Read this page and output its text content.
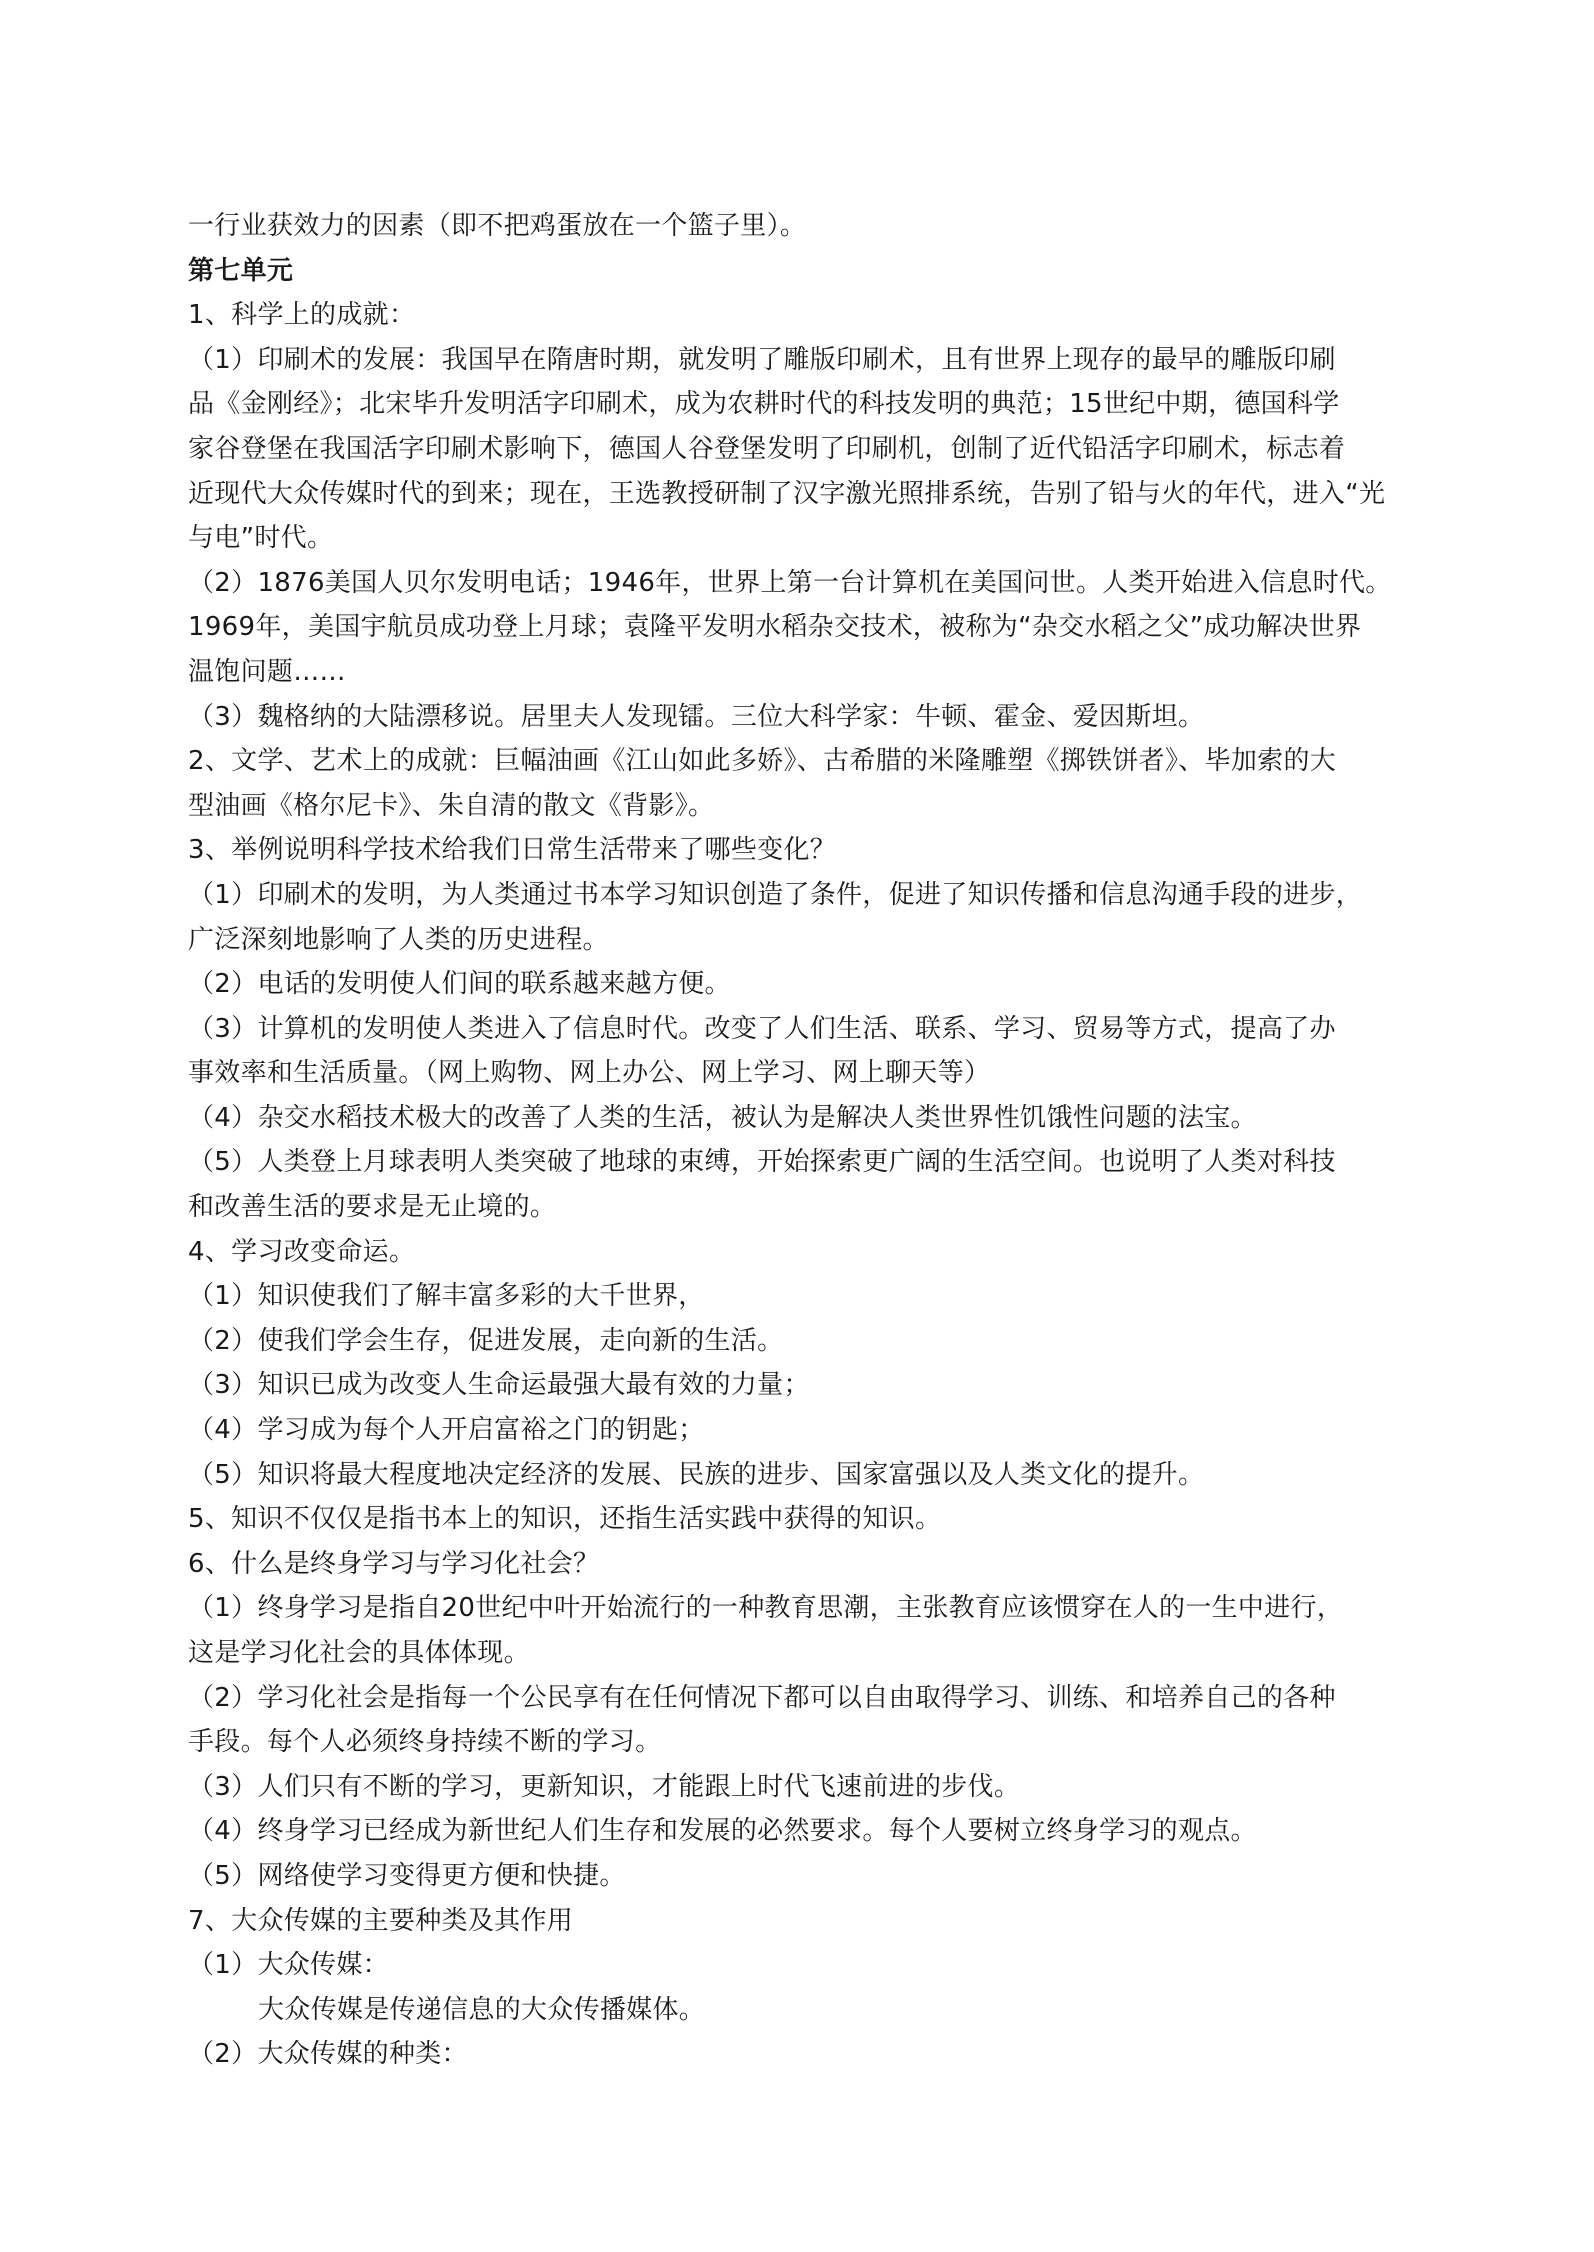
一行业获效力的因素（即不把鸡蛋放在一个篮子里）。
第七单元
1、科学上的成就：
（1）印刷术的发展：我国早在隋唐时期，就发明了雕版印刷术，且有世界上现存的最早的雕版印刷
品《金刚经》；北宋毕升发明活字印刷术，成为农耕时代的科技发明的典范；15世纪中期，德国科学
家谷登堡在我国活字印刷术影响下，德国人谷登堡发明了印刷机，创制了近代铅活字印刷术，标志着
近现代大众传媒时代的到来；现在，王选教授研制了汉字激光照排系统，告别了铅与火的年代，进入“光
与电”时代。
（2）1876美国人贝尔发明电话；1946年，世界上第一台计算机在美国问世。人类开始进入信息时代。
1969年，美国宇航员成功登上月球；袁隆平发明水稻杂交技术，被称为“杂交水稻之父”成功解决世界
温饱问题……
（3）魏格纳的大陆漂移说。居里夫人发现镭。三位大科学家：牛顿、霍金、爱因斯坦。
2、文学、艺术上的成就：巨幅油画《江山如此多娇》、古希腊的米隆雕塑《掷铁饼者》、毕加索的大
型油画《格尔尼卡》、朱自清的散文《背影》。
3、举例说明科学技术给我们日常生活带来了哪些变化？
（1）印刷术的发明，为人类通过书本学习知识创造了条件，促进了知识传播和信息沟通手段的进步，
广泛深刻地影响了人类的历史进程。
（2）电话的发明使人们间的联系越来越方便。
（3）计算机的发明使人类进入了信息时代。改变了人们生活、联系、学习、贸易等方式，提高了办
事效率和生活质量。（网上购物、网上办公、网上学习、网上聊天等）
（4）杂交水稻技术极大的改善了人类的生活，被认为是解决人类世界性饥饿性问题的法宝。
（5）人类登上月球表明人类突破了地球的束缚，开始探索更广阔的生活空间。也说明了人类对科技
和改善生活的要求是无止境的。
4、学习改变命运。
（1）知识使我们了解丰富多彩的大千世界，
（2）使我们学会生存，促进发展，走向新的生活。
（3）知识已成为改变人生命运最强大最有效的力量；
（4）学习成为每个人开启富裕之门的钥匙；
（5）知识将最大程度地决定经济的发展、民族的进步、国家富强以及人类文化的提升。
5、知识不仅仅是指书本上的知识，还指生活实践中获得的知识。
6、什么是终身学习与学习化社会？
（1）终身学习是指自20世纪中叶开始流行的一种教育思潮，主张教育应该惯穿在人的一生中进行，
这是学习化社会的具体体现。
（2）学习化社会是指每一个公民享有在任何情况下都可以自由取得学习、训练、和培养自己的各种
手段。每个人必须终身持续不断的学习。
（3）人们只有不断的学习，更新知识，才能跟上时代飞速前进的步伐。
（4）终身学习已经成为新世纪人们生存和发展的必然要求。每个人要树立终身学习的观点。
（5）网络使学习变得更方便和快捷。
7、大众传媒的主要种类及其作用
（1）大众传媒：
大众传媒是传递信息的大众传播媒体。
（2）大众传媒的种类：
